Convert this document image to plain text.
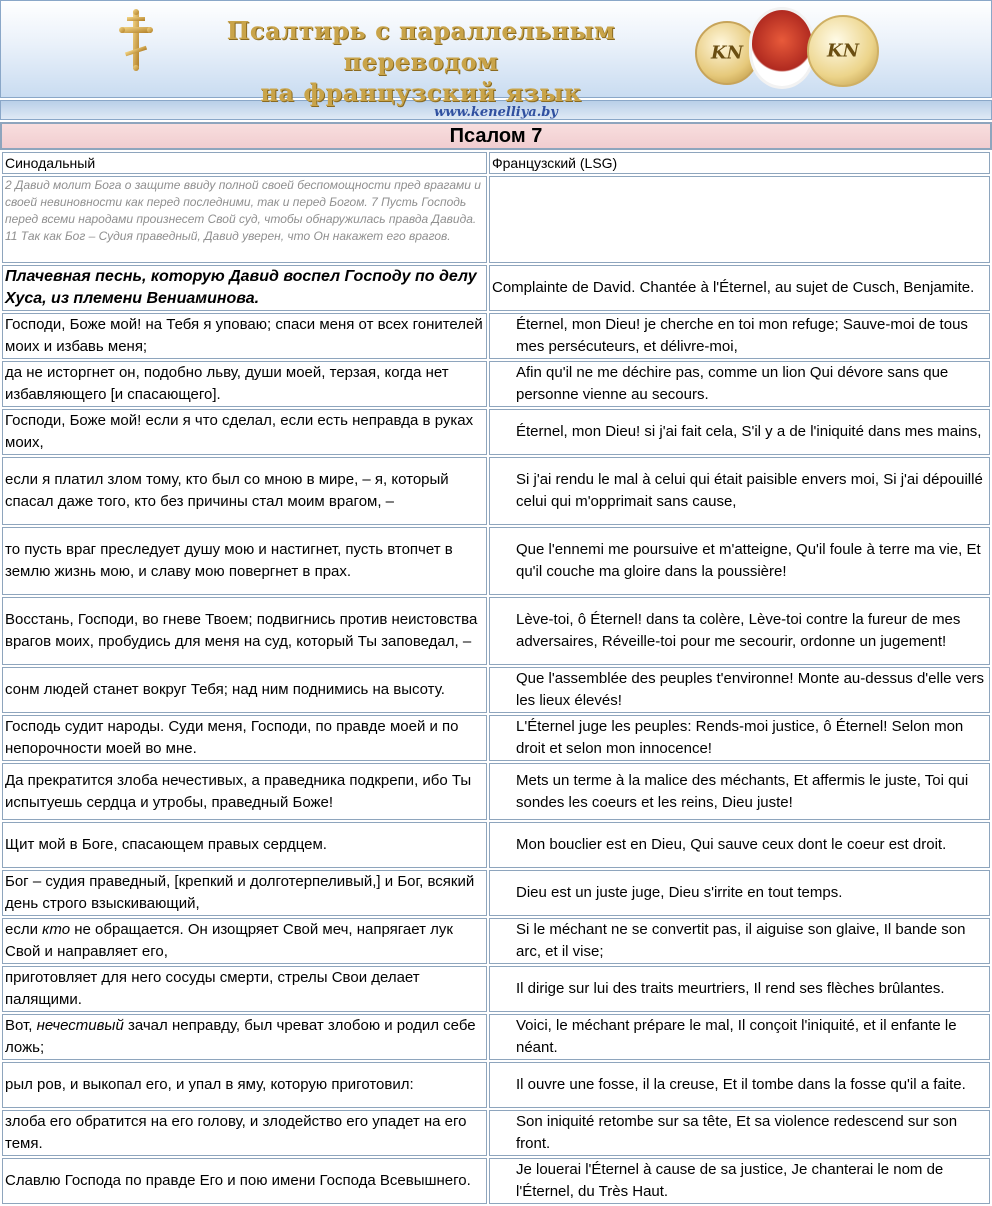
Псалтирь с параллельным переводом
на французский язык
KN	KN
www.kenelliya.by
Псалом 7
Синодальный	Французский (LSG)
2 Давид молит Бога о защите ввиду полной своей беспомощности пред врагами и своей невиновности как перед последними, так и перед Богом. 7 Пусть Господь перед всеми народами произнесет Свой суд, чтобы обнаружилась правда Давида. 11 Так как Бог – Судия праведный, Давид уверен, что Он накажет его врагов.	
Плачевная песнь, которую Давид воспел Господу по делу Хуса, из племени Вениаминова.	Complainte de David. Chantée à l'Éternel, au sujet de Cusch, Benjamite.
Господи, Боже мой! на Тебя я уповаю; спаси меня от всех гонителей моих и избавь меня;	Éternel, mon Dieu! je cherche en toi mon refuge; Sauve-moi de tous mes persécuteurs, et délivre-moi,
да не исторгнет он, подобно льву, души моей, терзая, когда нет избавляющего [и спасающего].	Afin qu'il ne me déchire pas, comme un lion Qui dévore sans que personne vienne au secours.
Господи, Боже мой! если я что сделал, если есть неправда в руках моих,	Éternel, mon Dieu! si j'ai fait cela, S'il y a de l'iniquité dans mes mains,
если я платил злом тому, кто был со мною в мире, – я, который спасал даже того, кто без причины стал моим врагом, –	Si j'ai rendu le mal à celui qui était paisible envers moi, Si j'ai dépouillé celui qui m'opprimait sans cause,
то пусть враг преследует душу мою и настигнет, пусть втопчет в землю жизнь мою, и славу мою повергнет в прах.	Que l'ennemi me poursuive et m'atteigne, Qu'il foule à terre ma vie, Et qu'il couche ma gloire dans la poussière!
Восстань, Господи, во гневе Твоем; подвигнись против неистовства врагов моих, пробудись для меня на суд, который Ты заповедал, –	Lève-toi, ô Éternel! dans ta colère, Lève-toi contre la fureur de mes adversaires, Réveille-toi pour me secourir, ordonne un jugement!
сонм людей станет вокруг Тебя; над ним поднимись на высоту.	Que l'assemblée des peuples t'environne! Monte au-dessus d'elle vers les lieux élevés!
Господь судит народы. Суди меня, Господи, по правде моей и по непорочности моей во мне.	L'Éternel juge les peuples: Rends-moi justice, ô Éternel! Selon mon droit et selon mon innocence!
Да прекратится злоба нечестивых, а праведника подкрепи, ибо Ты испытуешь сердца и утробы, праведный Боже!	Mets un terme à la malice des méchants, Et affermis le juste, Toi qui sondes les coeurs et les reins, Dieu juste!
Щит мой в Боге, спасающем правых сердцем.	Mon bouclier est en Dieu, Qui sauve ceux dont le coeur est droit.
Бог – судия праведный, [крепкий и долготерпеливый,] и Бог, всякий день строго взыскивающий,	Dieu est un juste juge, Dieu s'irrite en tout temps.
если кто не обращается. Он изощряет Свой меч, напрягает лук Свой и направляет его,	Si le méchant ne se convertit pas, il aiguise son glaive, Il bande son arc, et il vise;
приготовляет для него сосуды смерти, стрелы Свои делает палящими.	Il dirige sur lui des traits meurtriers, Il rend ses flèches brûlantes.
Вот, нечестивый зачал неправду, был чреват злобою и родил себе ложь;	Voici, le méchant prépare le mal, Il conçoit l'iniquité, et il enfante le néant.
рыл ров, и выкопал его, и упал в яму, которую приготовил:	Il ouvre une fosse, il la creuse, Et il tombe dans la fosse qu'il a faite.
злоба его обратится на его голову, и злодейство его упадет на его темя.	Son iniquité retombe sur sa tête, Et sa violence redescend sur son front.
Славлю Господа по правде Его и пою имени Господа Всевышнего.	Je louerai l'Éternel à cause de sa justice, Je chanterai le nom de l'Éternel, du Très Haut.
